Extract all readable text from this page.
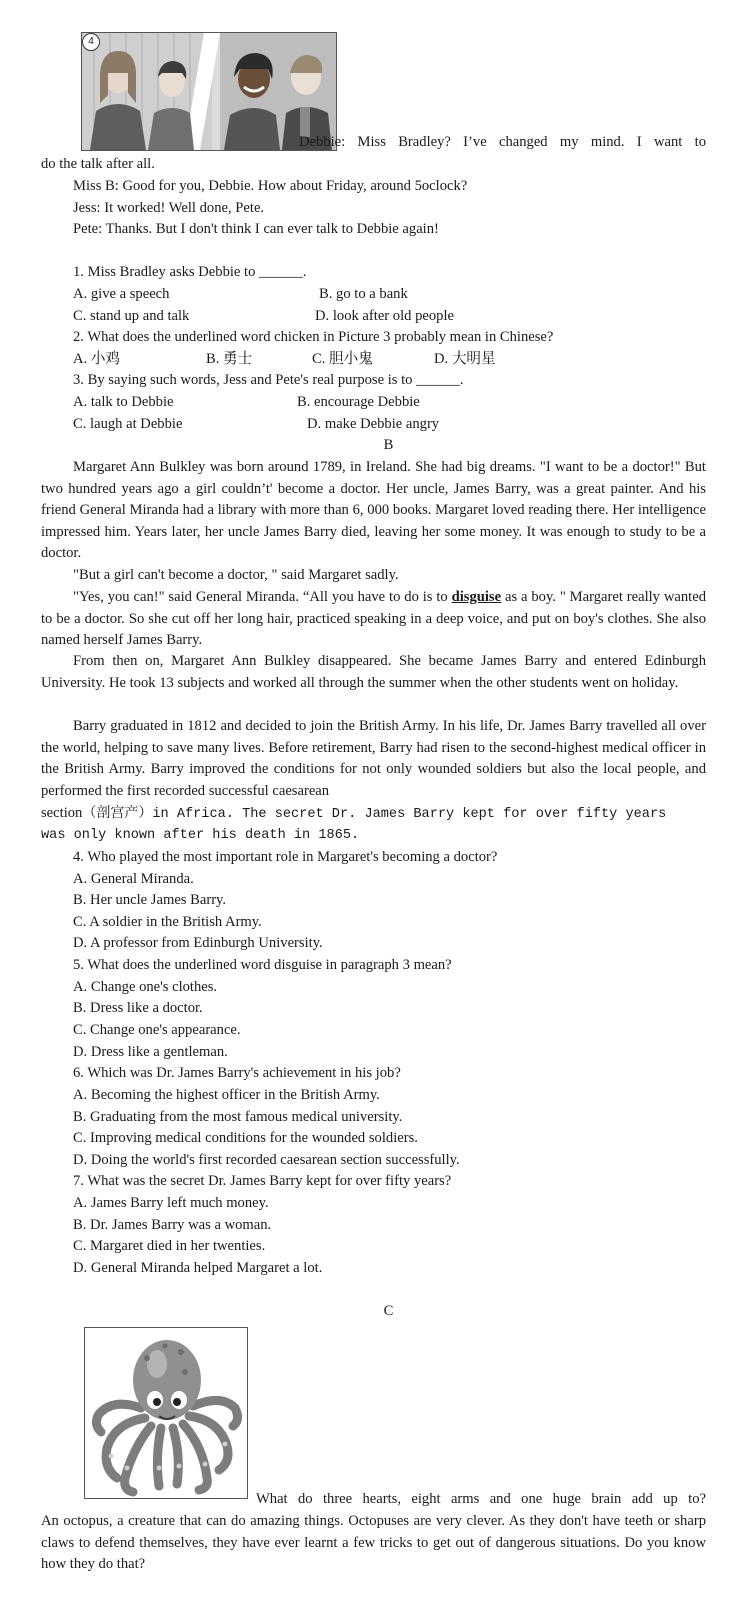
4
Debbie: Miss Bradley? I’ve changed my mind. I want to
do the talk after all.
Miss B: Good for you, Debbie. How about Friday, around 5oclock?
Jess: It worked! Well done, Pete.
Pete: Thanks. But I don't think I can ever talk to Debbie again!
1. Miss Bradley asks Debbie to ______.
A. give a speech	B. go to a bank
C. stand up and talk	D. look after old people
2. What does the underlined word chicken in Picture 3 probably mean in Chinese?
A. 小鸡	B. 勇士	C. 胆小鬼	D. 大明星
3. By saying such words, Jess and Pete's real purpose is to ______.
A. talk to Debbie	B. encourage Debbie
C. laugh at Debbie	D. make Debbie angry
B
Margaret Ann Bulkley was born around 1789, in Ireland. She had big dreams. "I want to be a doctor!" But two hundred years ago a girl couldn’t' become a doctor. Her uncle, James Barry, was a great painter. And his friend General Miranda had a library with more than 6, 000 books. Margaret loved reading there. Her intelligence impressed him. Years later, her uncle James Barry died, leaving her some money. It was enough to study to be a doctor.
"But a girl can't become a doctor, " said Margaret sadly.
"Yes, you can!" said General Miranda. “All you have to do is to disguise as a boy. " Margaret really wanted to be a doctor. So she cut off her long hair, practiced speaking in a deep voice, and put on boy's clothes. She also named herself James Barry.
From then on, Margaret Ann Bulkley disappeared. She became James Barry and entered Edinburgh University. He took 13 subjects and worked all through the summer when the other students went on holiday.
Barry graduated in 1812 and decided to join the British Army. In his life, Dr. James Barry travelled all over the world, helping to save many lives. Before retirement, Barry had risen to the second-highest medical officer in the British Army. Barry improved the conditions for not only wounded soldiers but also the local people, and performed the first recorded successful caesarean
section（剖宫产）in Africa. The secret Dr. James Barry kept for over fifty years
was only known after his death in 1865.
4. Who played the most important role in Margaret's becoming a doctor?
A. General Miranda.
B. Her uncle James Barry.
C. A soldier in the British Army.
D. A professor from Edinburgh University.
5. What does the underlined word disguise in paragraph 3 mean?
A. Change one's clothes.
B. Dress like a doctor.
C. Change one's appearance.
D. Dress like a gentleman.
6. Which was Dr. James Barry's achievement in his job?
A. Becoming the highest officer in the British Army.
B. Graduating from the most famous medical university.
C. Improving medical conditions for the wounded soldiers.
D. Doing the world's first recorded caesarean section successfully.
7. What was the secret Dr. James Barry kept for over fifty years?
A. James Barry left much money.
B. Dr. James Barry was a woman.
C. Margaret died in her twenties.
D. General Miranda helped Margaret a lot.
C
What do three hearts, eight arms and one huge brain add up to?
An octopus, a creature that can do amazing things. Octopuses are very clever. As they don't have teeth or sharp claws to defend themselves, they have ever learnt a few tricks to get out of dangerous situations. Do you know how they do that?
